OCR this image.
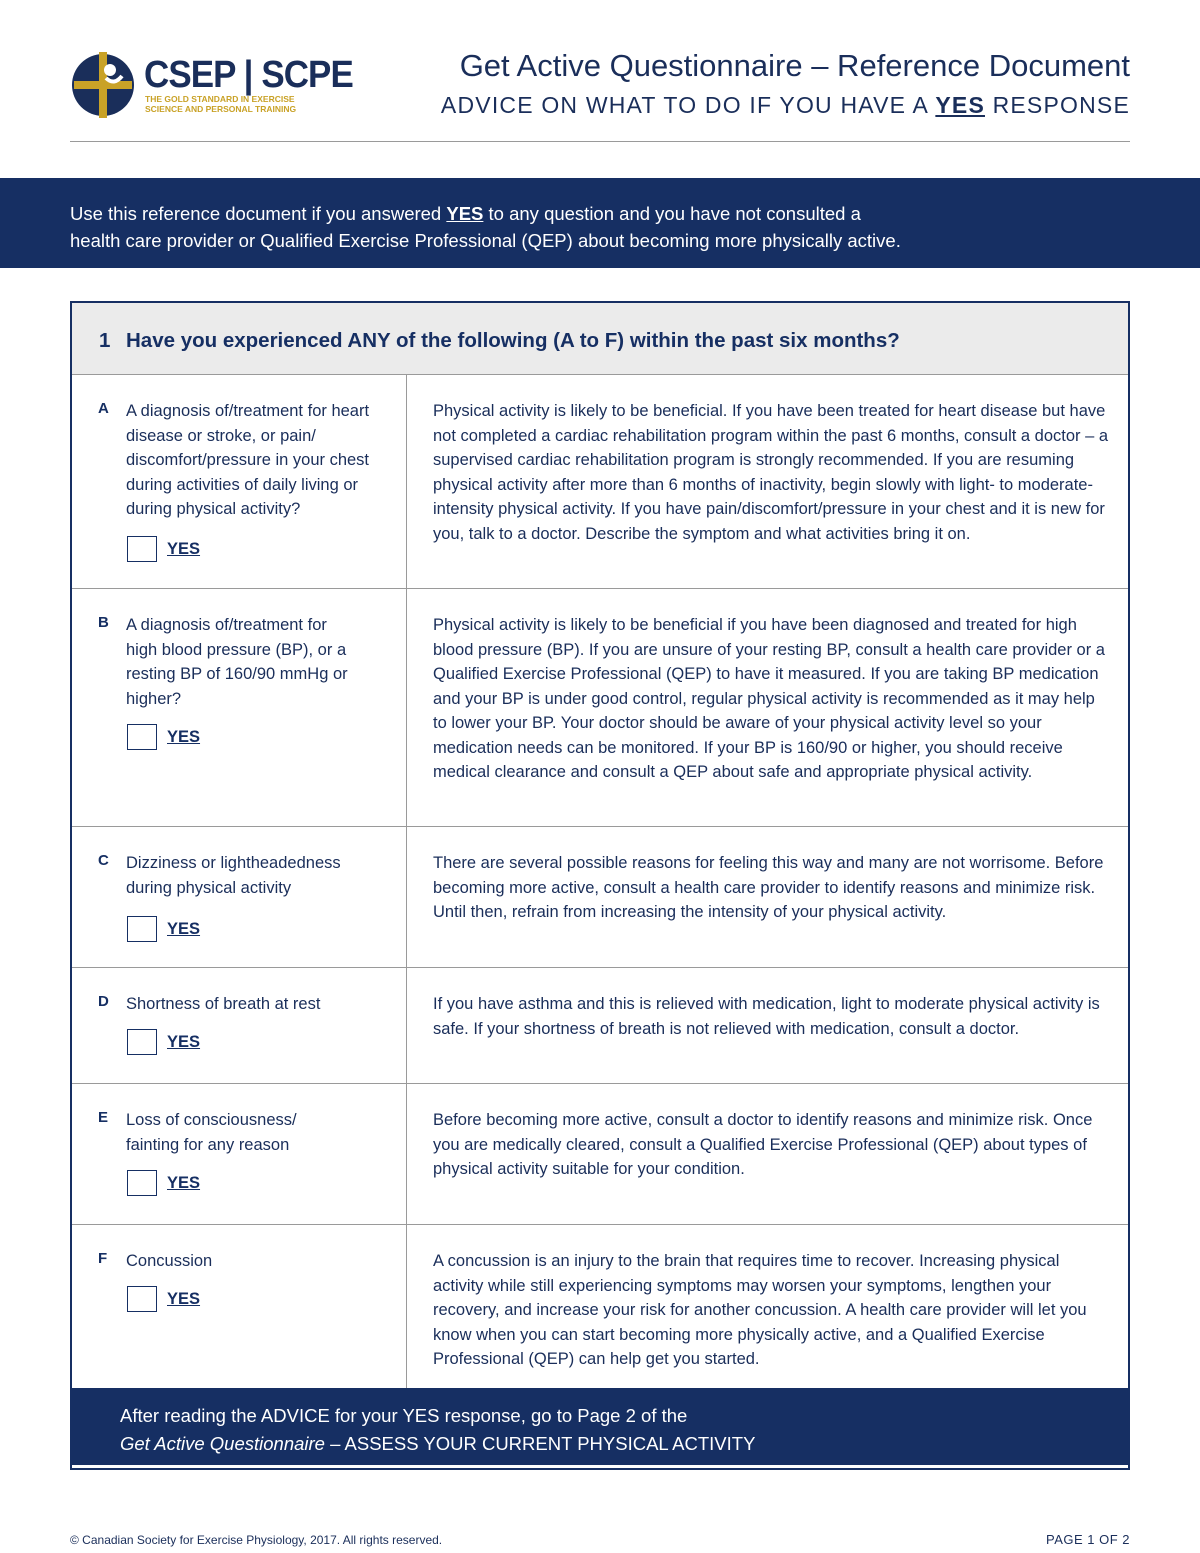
CSEP | SCPE
THE GOLD STANDARD IN EXERCISE
SCIENCE AND PERSONAL TRAINING
Get Active Questionnaire – Reference Document
ADVICE ON WHAT TO DO IF YOU HAVE A YES RESPONSE
Use this reference document if you answered YES to any question and you have not consulted a
health care provider or Qualified Exercise Professional (QEP) about becoming more physically active.
1 Have you experienced ANY of the following (A to F) within the past six months?
A A diagnosis of/treatment for heart disease or stroke, or pain/ discomfort/pressure in your chest during activities of daily living or during physical activity?
YES
Physical activity is likely to be beneficial. If you have been treated for heart disease but have not completed a cardiac rehabilitation program within the past 6 months, consult a doctor – a supervised cardiac rehabilitation program is strongly recommended. If you are resuming physical activity after more than 6 months of inactivity, begin slowly with light- to moderate-intensity physical activity. If you have pain/discomfort/pressure in your chest and it is new for you, talk to a doctor. Describe the symptom and what activities bring it on.
B A diagnosis of/treatment for high blood pressure (BP), or a resting BP of 160/90 mmHg or higher?
YES
Physical activity is likely to be beneficial if you have been diagnosed and treated for high blood pressure (BP). If you are unsure of your resting BP, consult a health care provider or a Qualified Exercise Professional (QEP) to have it measured. If you are taking BP medication and your BP is under good control, regular physical activity is recommended as it may help to lower your BP. Your doctor should be aware of your physical activity level so your medication needs can be monitored. If your BP is 160/90 or higher, you should receive medical clearance and consult a QEP about safe and appropriate physical activity.
C Dizziness or lightheadedness during physical activity
YES
There are several possible reasons for feeling this way and many are not worrisome. Before becoming more active, consult a health care provider to identify reasons and minimize risk. Until then, refrain from increasing the intensity of your physical activity.
D Shortness of breath at rest
YES
If you have asthma and this is relieved with medication, light to moderate physical activity is safe. If your shortness of breath is not relieved with medication, consult a doctor.
E Loss of consciousness/ fainting for any reason
YES
Before becoming more active, consult a doctor to identify reasons and minimize risk. Once you are medically cleared, consult a Qualified Exercise Professional (QEP) about types of physical activity suitable for your condition.
F Concussion
YES
A concussion is an injury to the brain that requires time to recover. Increasing physical activity while still experiencing symptoms may worsen your symptoms, lengthen your recovery, and increase your risk for another concussion. A health care provider will let you know when you can start becoming more physically active, and a Qualified Exercise Professional (QEP) can help get you started.
After reading the ADVICE for your YES response, go to Page 2 of the
Get Active Questionnaire – ASSESS YOUR CURRENT PHYSICAL ACTIVITY
© Canadian Society for Exercise Physiology, 2017. All rights reserved.	PAGE 1 OF 2
